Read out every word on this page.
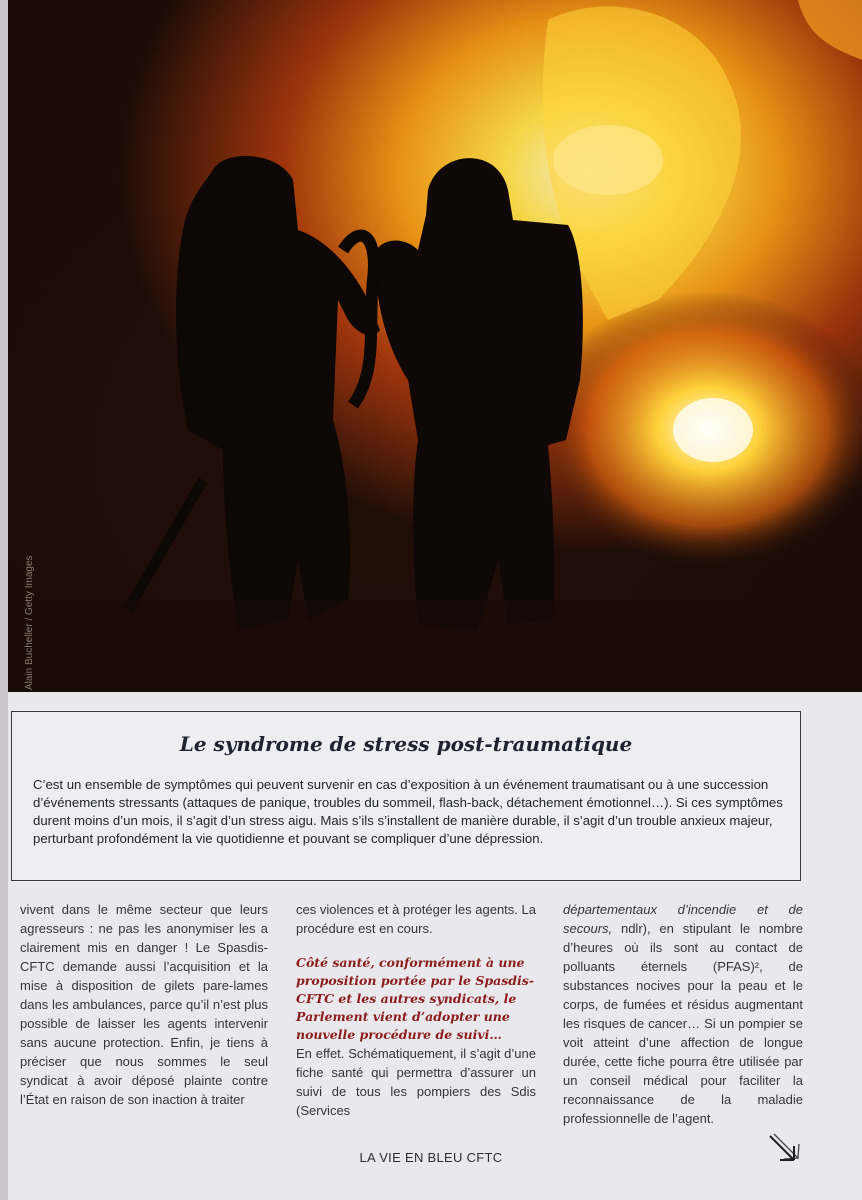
Alain Bucheller / Getty Images
Le syndrome de stress post-traumatique
C’est un ensemble de symptômes qui peuvent survenir en cas d’exposition à un événement traumatisant ou à une succession d’événements stressants (attaques de panique, troubles du sommeil, flash-back, détachement émotionnel…). Si ces symptômes durent moins d’un mois, il s’agit d’un stress aigu. Mais s’ils s’installent de manière durable, il s’agit d’un trouble anxieux majeur, perturbant profondément la vie quotidienne et pouvant se compliquer d’une dépression.

vivent dans le même secteur que leurs agresseurs : ne pas les anonymiser les a clairement mis en danger ! Le Spasdis-CFTC demande aussi l’acquisition et la mise à disposition de gilets pare-lames dans les ambulances, parce qu’il n’est plus possible de laisser les agents intervenir sans aucune protection. Enfin, je tiens à préciser que nous sommes le seul syndicat à avoir déposé plainte contre l’État en raison de son inaction à traiter

ces violences et à protéger les agents. La procédure est en cours.

Côté santé, conformément à une proposition portée par le Spasdis-CFTC et les autres syndicats, le Parlement vient d’adopter une nouvelle procédure de suivi…

En effet. Schématiquement, il s’agit d’une fiche santé qui permettra d’assurer un suivi de tous les pompiers des Sdis (Services

départementaux d’incendie et de secours, ndlr), en stipulant le nombre d’heures où ils sont au contact de polluants éternels (PFAS)², de substances nocives pour la peau et le corps, de fumées et résidus augmentant les risques de cancer… Si un pompier se voit atteint d’une affection de longue durée, cette fiche pourra être utilisée par un conseil médical pour faciliter la reconnaissance de la maladie professionnelle de l’agent.

LA VIE EN BLEU CFTC
